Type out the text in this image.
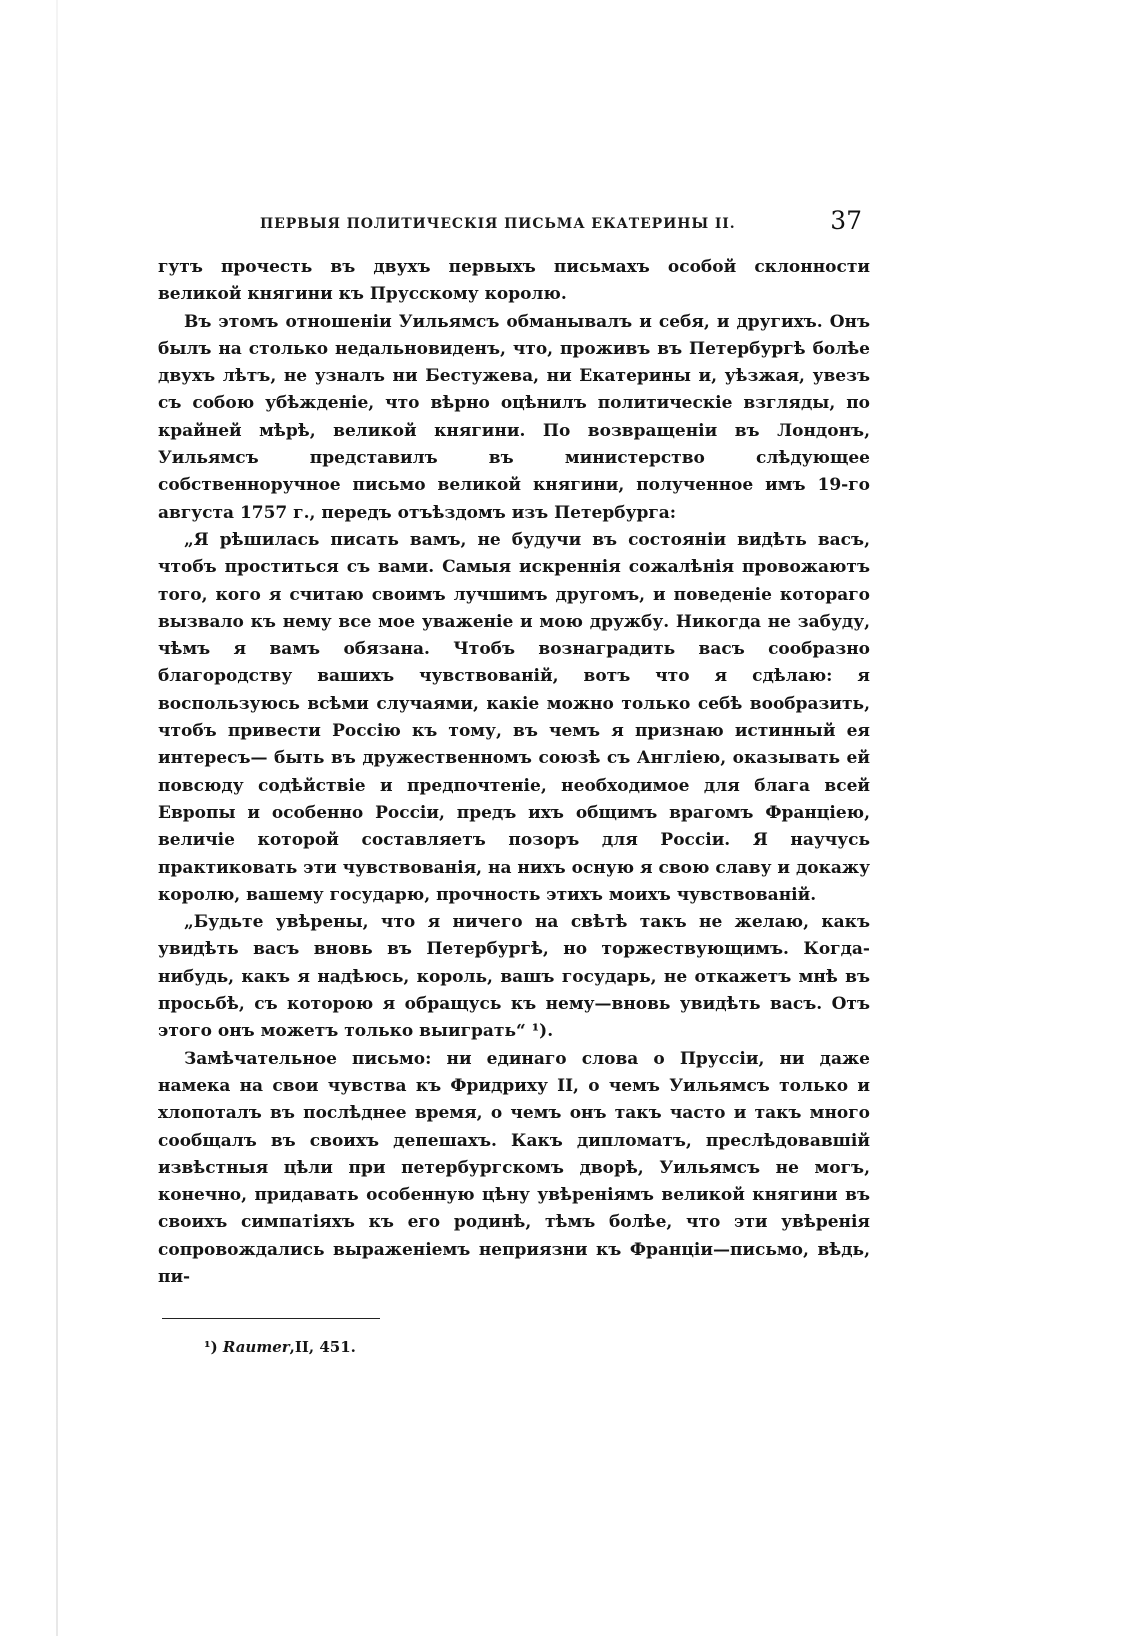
ПЕРВЫЯ ПОЛИТИЧЕСКІЯ ПИСЬМА ЕКАТЕРИНЫ II.	37

гутъ прочесть въ двухъ первыхъ письмахъ особой склонности великой княгини къ Прусскому королю.

Въ этомъ отношеніи Уильямсъ обманывалъ и себя, и другихъ. Онъ былъ на столько недальновиденъ, что, проживъ въ Петербургѣ болѣе двухъ лѣтъ, не узналъ ни Бестужева, ни Екатерины и, уѣзжая, увезъ съ собою убѣжденіе, что вѣрно оцѣнилъ политическіе взгляды, по крайней мѣрѣ, великой княгини. По возвращеніи въ Лондонъ, Уильямсъ представилъ въ министерство слѣдующее собственноручное письмо великой княгини, полученное имъ 19-го августа 1757 г., передъ отъѣздомъ изъ Петербурга:

„Я рѣшилась писать вамъ, не будучи въ состояніи видѣть васъ, чтобъ проститься съ вами. Самыя искреннія сожалѣнія провожаютъ того, кого я считаю своимъ лучшимъ другомъ, и поведеніе котораго вызвало къ нему все мое уваженіе и мою дружбу. Никогда не забуду, чѣмъ я вамъ обязана. Чтобъ вознаградить васъ сообразно благородству вашихъ чувствованій, вотъ что я сдѣлаю: я воспользуюсь всѣми случаями, какіе можно только себѣ вообразить, чтобъ привести Россію къ тому, въ чемъ я признаю истинный ея интересъ— быть въ дружественномъ союзѣ съ Англіею, оказывать ей повсюду содѣйствіе и предпочтеніе, необходимое для блага всей Европы и особенно Россіи, предъ ихъ общимъ врагомъ Франціею, величіе которой составляетъ позоръ для Россіи. Я научусь практиковать эти чувствованія, на нихъ осную я свою славу и докажу королю, вашему государю, прочность этихъ моихъ чувствованій.

„Будьте увѣрены, что я ничего на свѣтѣ такъ не желаю, какъ увидѣть васъ вновь въ Петербургѣ, но торжествующимъ. Когда-нибудь, какъ я надѣюсь, король, вашъ государь, не откажетъ мнѣ въ просьбѣ, съ которою я обращусь къ нему—вновь увидѣть васъ. Отъ этого онъ можетъ только выиграть“ ¹).

Замѣчательное письмо: ни единаго слова о Пруссіи, ни даже намека на свои чувства къ Фридриху II, о чемъ Уильямсъ только и хлопоталъ въ послѣднее время, о чемъ онъ такъ часто и такъ много сообщалъ въ своихъ депешахъ. Какъ дипломатъ, преслѣдовавшій извѣстныя цѣли при петербургскомъ дворѣ, Уильямсъ не могъ, конечно, придавать особенную цѣну увѣреніямъ великой княгини въ своихъ симпатіяхъ къ его родинѣ, тѣмъ болѣе, что эти увѣренія сопровождались выраженіемъ неприязни къ Франціи—письмо, вѣдь, пи-

¹) Raumer,II, 451.
